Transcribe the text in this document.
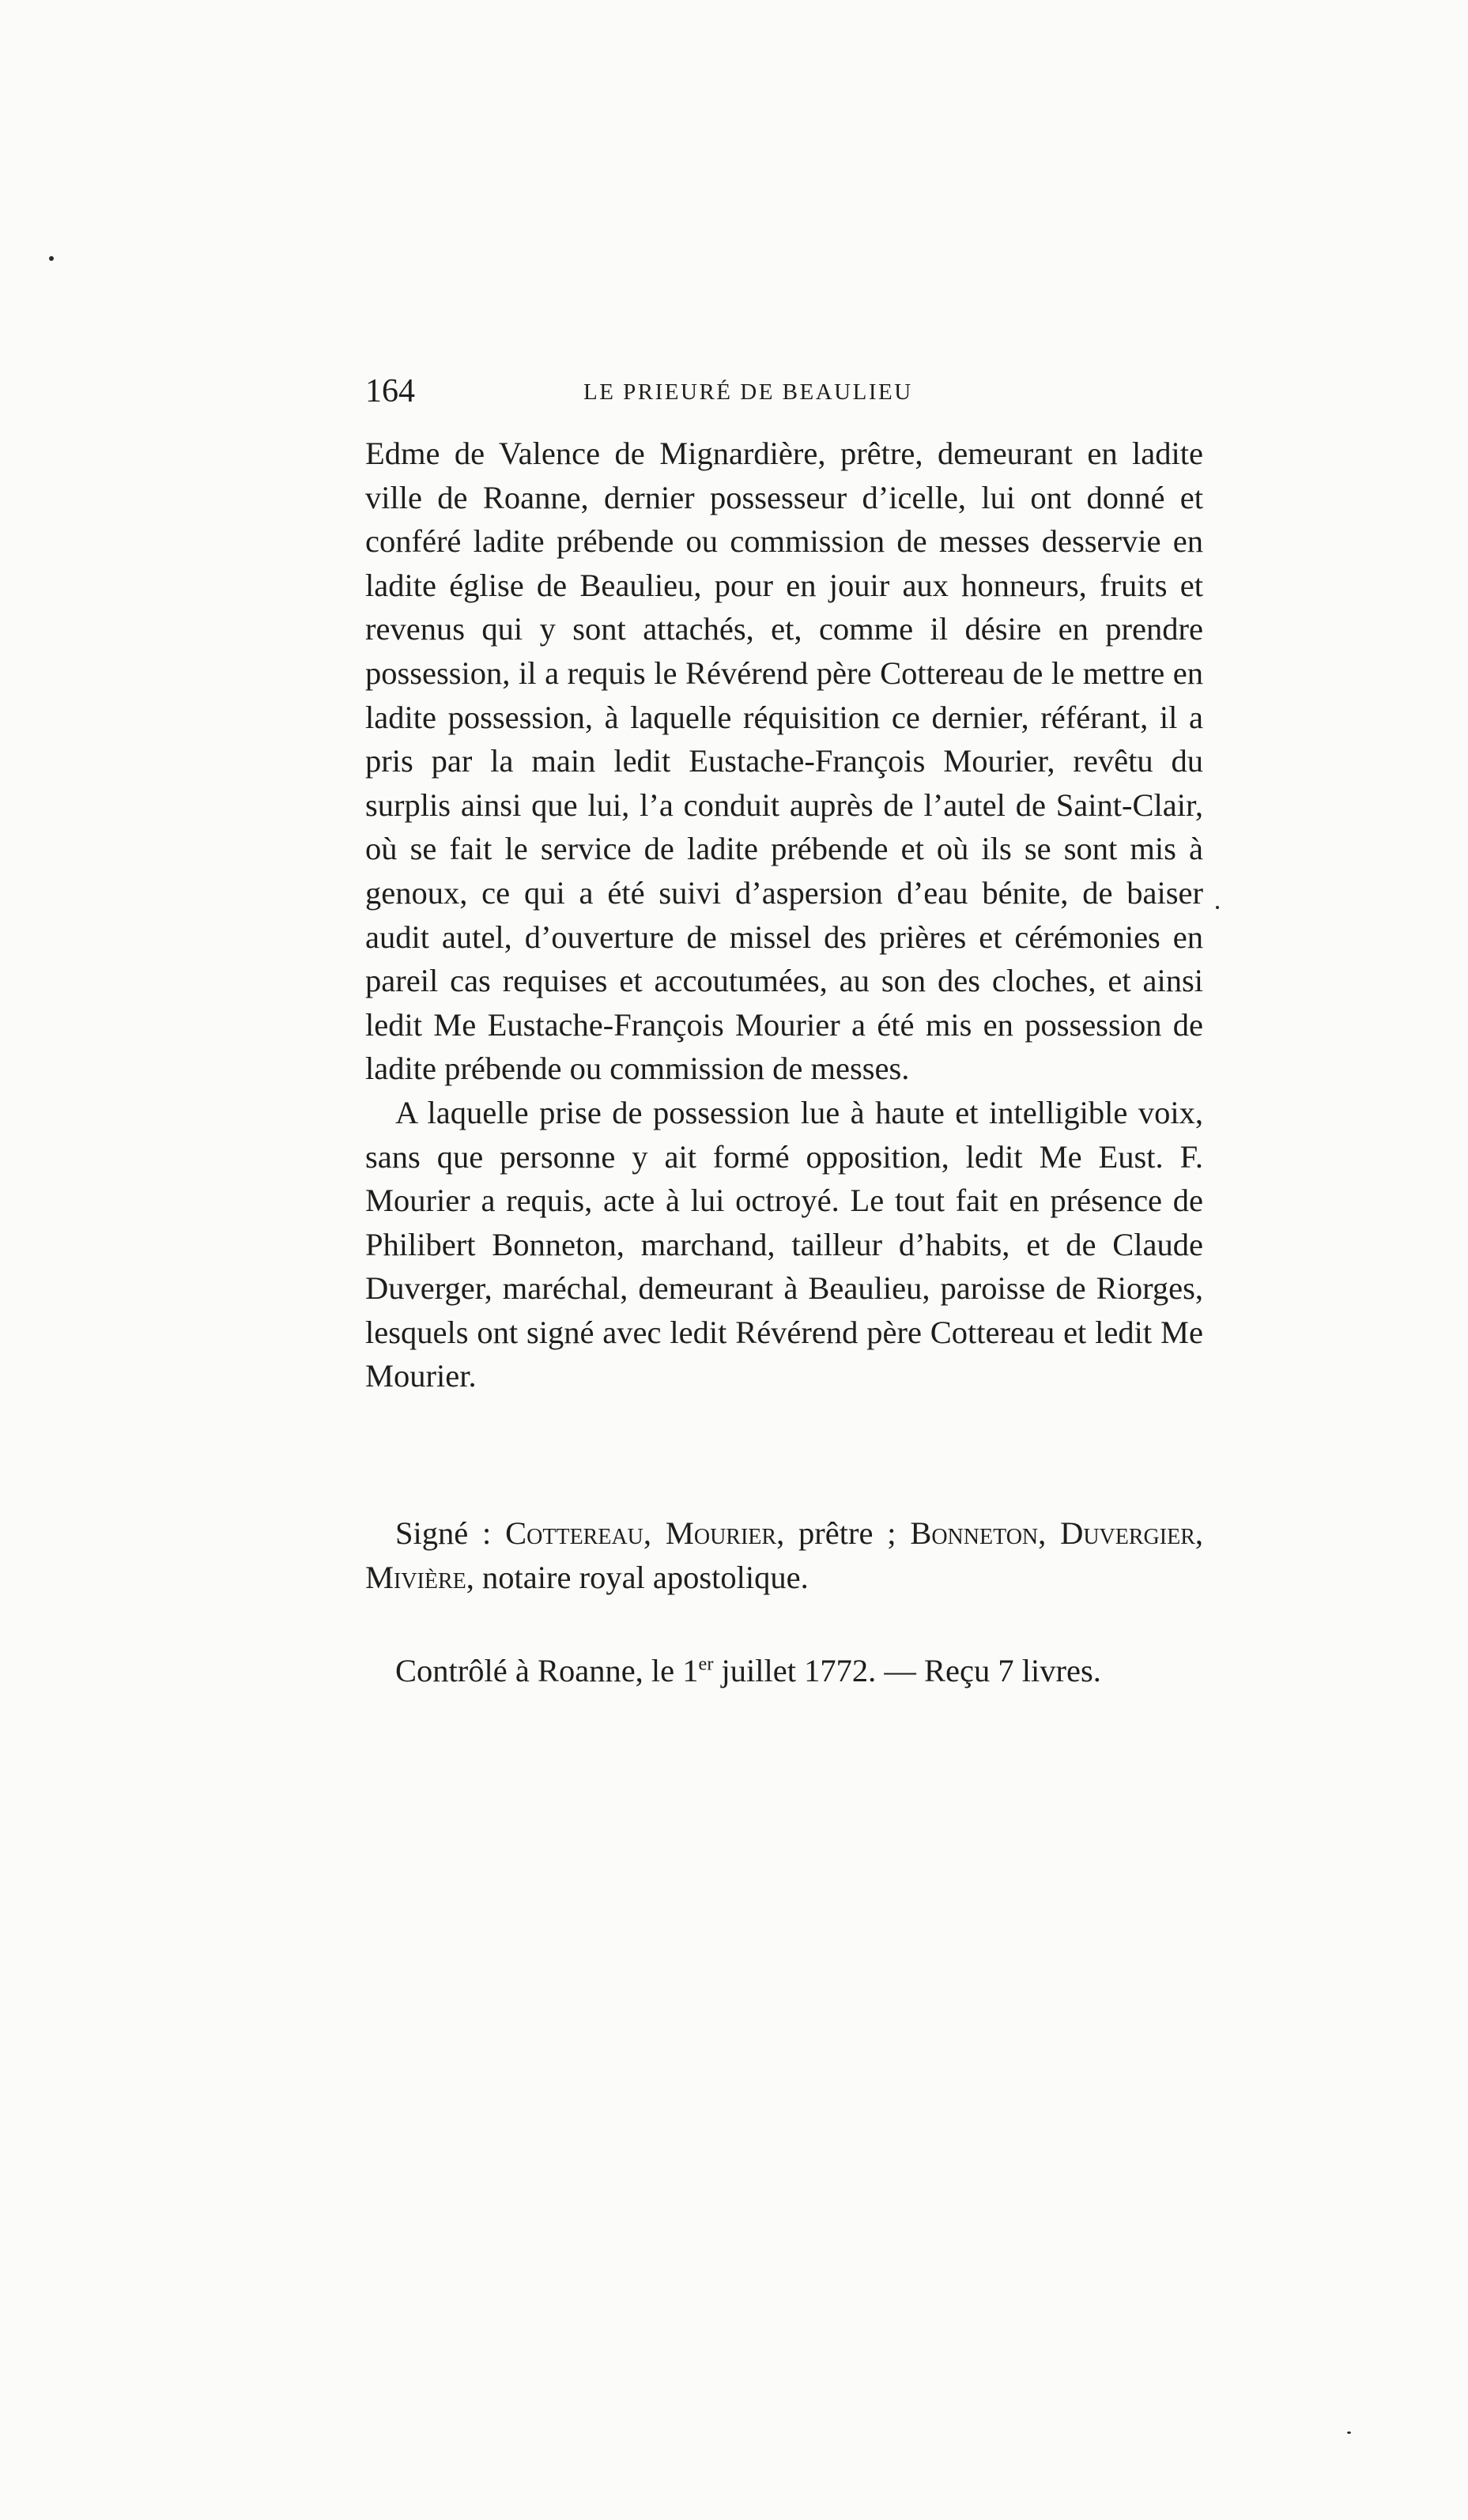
164	LE PRIEURÉ DE BEAULIEU

Edme de Valence de Mignardière, prêtre, demeurant en ladite ville de Roanne, dernier possesseur d’icelle, lui ont donné et conféré ladite prébende ou commission de messes desservie en ladite église de Beaulieu, pour en jouir aux honneurs, fruits et revenus qui y sont attachés, et, comme il désire en prendre possession, il a requis le Révérend père Cottereau de le mettre en ladite possession, à laquelle réquisition ce dernier, référant, il a pris par la main ledit Eustache-François Mourier, revêtu du surplis ainsi que lui, l’a conduit auprès de l’autel de Saint-Clair, où se fait le service de ladite prébende et où ils se sont mis à genoux, ce qui a été suivi d’aspersion d’eau bénite, de baiser audit autel, d’ouverture de missel des prières et cérémonies en pareil cas requises et accoutumées, au son des cloches, et ainsi ledit Me Eustache-François Mourier a été mis en possession de ladite prébende ou commission de messes.

A laquelle prise de possession lue à haute et intelligible voix, sans que personne y ait formé opposition, ledit Me Eust. F. Mourier a requis, acte à lui octroyé. Le tout fait en présence de Philibert Bonneton, marchand, tailleur d’habits, et de Claude Duverger, maréchal, demeurant à Beaulieu, paroisse de Riorges, lesquels ont signé avec ledit Révérend père Cottereau et ledit Me Mourier.

Signé : Cottereau, Mourier, prêtre ; Bonneton, Duvergier, Mivière, notaire royal apostolique.

Contrôlé à Roanne, le 1er juillet 1772. — Reçu 7 livres.
